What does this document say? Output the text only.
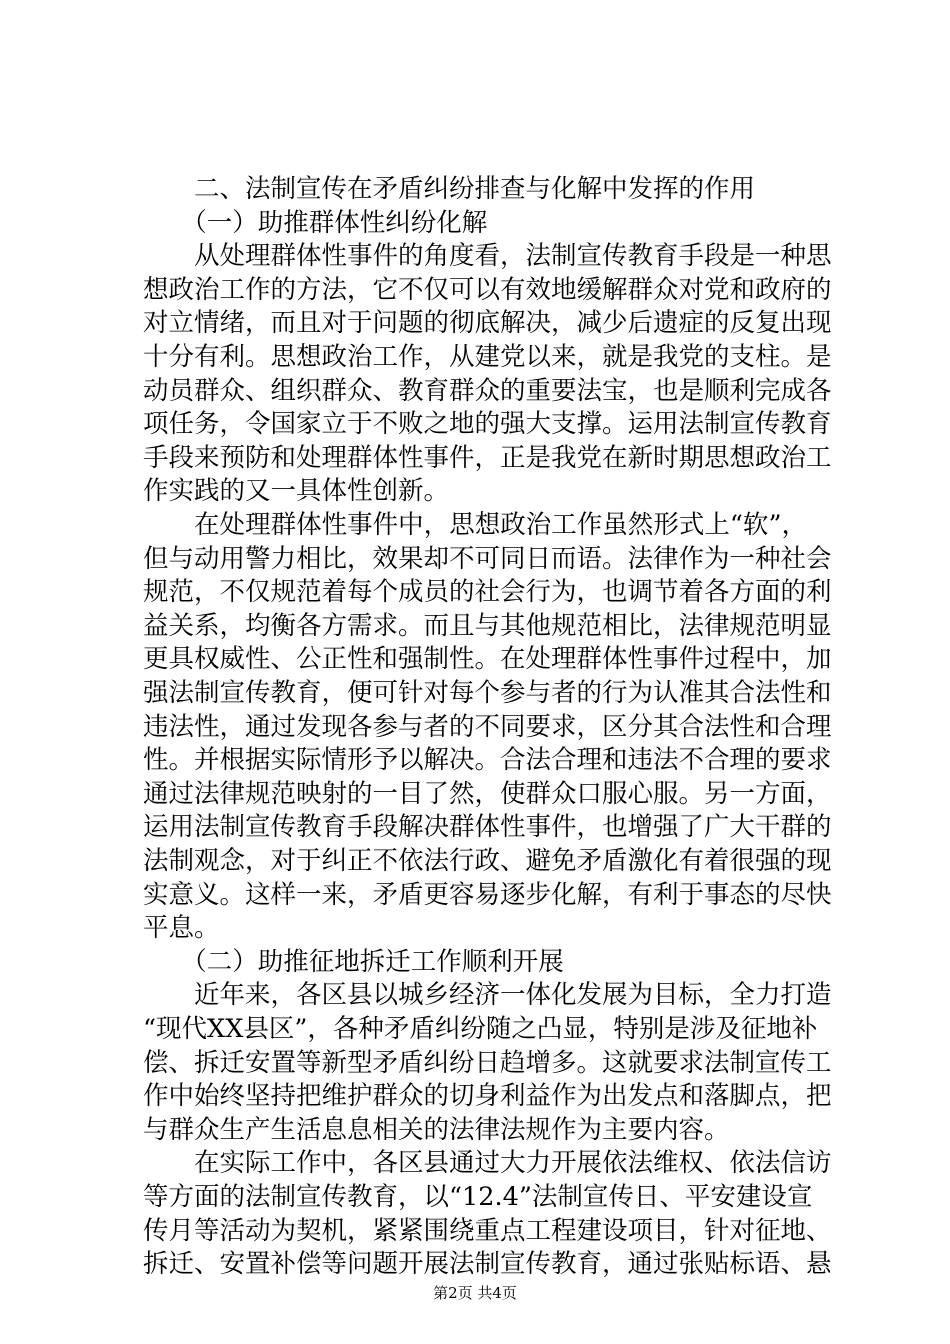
　　二、法制宣传在矛盾纠纷排查与化解中发挥的作用
　　（一）助推群体性纠纷化解
　　从处理群体性事件的角度看，法制宣传教育手段是一种思
想政治工作的方法，它不仅可以有效地缓解群众对党和政府的
对立情绪，而且对于问题的彻底解决，减少后遗症的反复出现
十分有利。思想政治工作，从建党以来，就是我党的支柱。是
动员群众、组织群众、教育群众的重要法宝，也是顺利完成各
项任务，令国家立于不败之地的强大支撑。运用法制宣传教育
手段来预防和处理群体性事件，正是我党在新时期思想政治工
作实践的又一具体性创新。
　　在处理群体性事件中，思想政治工作虽然形式上“软”，
但与动用警力相比，效果却不可同日而语。法律作为一种社会
规范，不仅规范着每个成员的社会行为，也调节着各方面的利
益关系，均衡各方需求。而且与其他规范相比，法律规范明显
更具权威性、公正性和强制性。在处理群体性事件过程中，加
强法制宣传教育，便可针对每个参与者的行为认准其合法性和
违法性，通过发现各参与者的不同要求，区分其合法性和合理
性。并根据实际情形予以解决。合法合理和违法不合理的要求
通过法律规范映射的一目了然，使群众口服心服。另一方面，
运用法制宣传教育手段解决群体性事件，也增强了广大干群的
法制观念，对于纠正不依法行政、避免矛盾激化有着很强的现
实意义。这样一来，矛盾更容易逐步化解，有利于事态的尽快
平息。
　　（二）助推征地拆迁工作顺利开展
　　近年来，各区县以城乡经济一体化发展为目标，全力打造
“现代XX县区”，各种矛盾纠纷随之凸显，特别是涉及征地补
偿、拆迁安置等新型矛盾纠纷日趋增多。这就要求法制宣传工
作中始终坚持把维护群众的切身利益作为出发点和落脚点，把
与群众生产生活息息相关的法律法规作为主要内容。
　　在实际工作中，各区县通过大力开展依法维权、依法信访
等方面的法制宣传教育，以“12.4”法制宣传日、平安建设宣
传月等活动为契机，紧紧围绕重点工程建设项目，针对征地、
拆迁、安置补偿等问题开展法制宣传教育，通过张贴标语、悬
第2页 共4页
